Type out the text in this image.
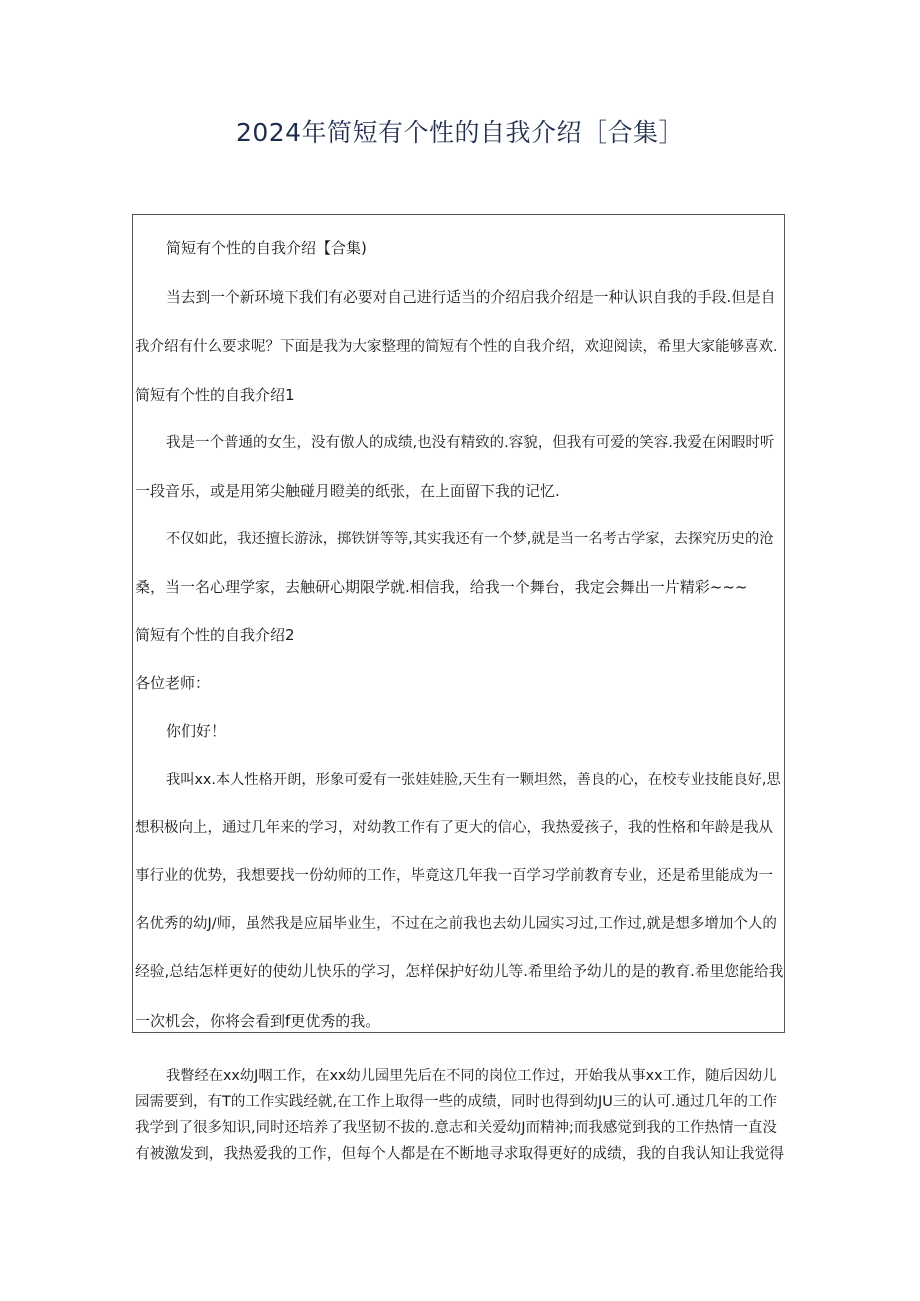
2024年简短有个性的自我介绍［合集］

简短有个性的自我介绍【合集)

当去到一个新环境下我们有必要对自己进行适当的介绍启我介绍是一种认识自我的手段.但是自

我介绍有什么要求呢？下面是我为大家整理的简短有个性的自我介绍，欢迎阅读，希里大家能够喜欢.

简短有个性的自我介绍1

我是一个普通的女生，没有傲人的成绩,也没有精致的.容貌，但我有可爱的笑容.我爱在闲暇时听

一段音乐，或是用笫尖触碰月瞪美的纸张，在上面留下我的记忆.

不仅如此，我还擅长游泳，掷铁饼等等,其实我还有一个梦,就是当一名考古学家，去探究历史的沧

桑，当一名心理学家，去触研心期限学就.相信我，给我一个舞台，我定会舞出一片精彩~~~

简短有个性的自我介绍2

各位老师：

你们好！

我叫xx.本人性格开朗，形象可爱有一张娃娃脸,天生有一颗坦然，善良的心，在校专业技能良好,思

想积极向上，通过几年来的学习，对幼教工作有了更大的信心，我热爱孩子，我的性格和年龄是我从

事行业的优势，我想要找一份幼师的工作，毕竟这几年我一百学习学前教育专业，还是希里能成为一

名优秀的幼J/师，虽然我是应届毕业生，不过在之前我也去幼儿园实习过,工作过,就是想多增加个人的

经验,总结怎样更好的使幼儿快乐的学习，怎样保护好幼儿等.希里给予幼儿的是的教育.希里您能给我

一次机会，你将会看到f更优秀的我。

我瞥经在xx幼J咽工作，在xx幼儿园里先后在不同的岗位工作过，开始我从事xx工作，随后因幼儿

园需要到，有T的工作实践经就,在工作上取得一些的成绩，同时也得到幼JU三的认可.通过几年的工作

我学到了很多知识,同时还培养了我坚韧不拔的.意志和关爱幼J而精神;而我感觉到我的工作热情一直没

有被激发到，我热爱我的工作，但每个人都是在不断地寻求取得更好的成绩，我的自我认知让我觉得
